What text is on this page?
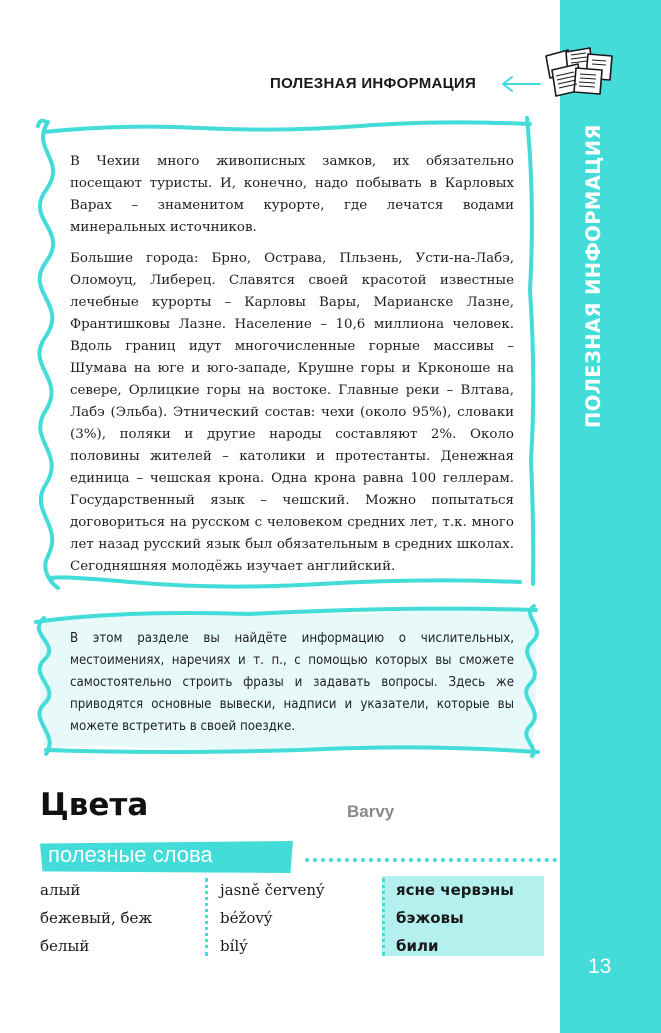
ПОЛЕЗНАЯ ИНФОРМАЦИЯ
13
ПОЛЕЗНАЯ ИНФОРМАЦИЯ

В Чехии много живописных замков, их обязательно посещают туристы. И, конечно, надо побывать в Карловых Варах – знаменитом курорте, где лечатся водами минеральных источников.

Большие города: Брно, Острава, Пльзень, Усти-на-Лабэ, Оломоуц, Либерец. Славятся своей красотой известные лечебные курорты – Карловы Вары, Марианске Лазне, Франтишковы Лазне. Население – 10,6 миллиона человек. Вдоль границ идут многочисленные горные массивы – Шумава на юге и юго-западе, Крушне горы и Крконоше на севере, Орлицкие горы на востоке. Главные реки – Влтава, Лабэ (Эльба). Этнический состав: чехи (около 95%), словаки (3%), поляки и другие народы составляют 2%. Около половины жителей – католики и протестанты. Денежная единица – чешская крона. Одна крона равна 100 геллерам. Государственный язык – чешский. Можно попытаться договориться на русском с человеком средних лет, т.к. много лет назад русский язык был обязательным в средних школах. Сегодняшняя молодёжь изучает английский.

В этом разделе вы найдёте информацию о числительных, местоимениях, наречиях и т. п., с помощью которых вы сможете самостоятельно строить фразы и задавать вопросы. Здесь же приводятся основные вывески, надписи и указатели, которые вы можете встретить в своей поездке.
Цвета	Barvy
полезные слова
алый	jasně červený	ясне червэны
бежевый, беж	béžový	бэжовы
белый	bílý	били
